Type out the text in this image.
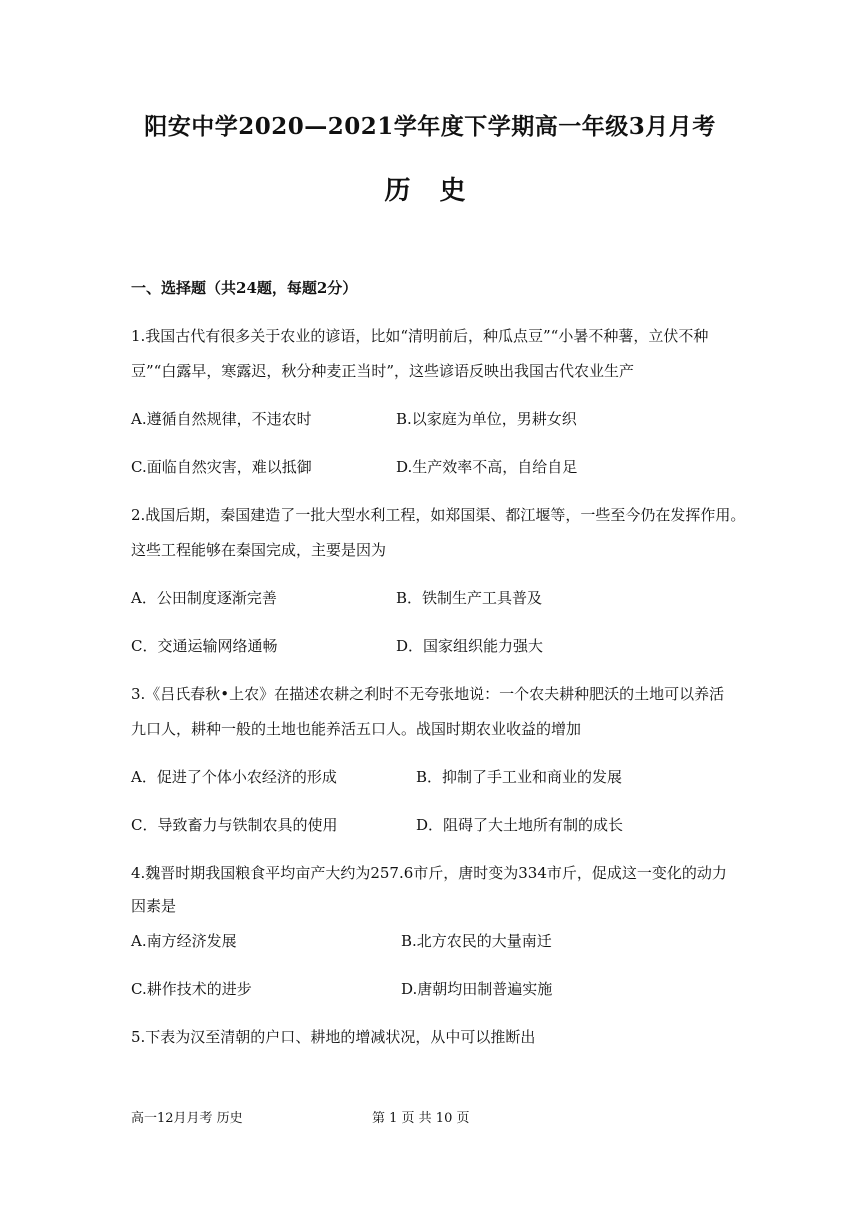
阳安中学2020—2021学年度下学期高一年级3月月考
历 史
一、选择题（共24题，每题2分）
1.我国古代有很多关于农业的谚语，比如“清明前后，种瓜点豆”“小暑不种薯，立伏不种
豆”“白露早，寒露迟，秋分种麦正当时”，这些谚语反映出我国古代农业生产
A.遵循自然规律，不违农时	B.以家庭为单位，男耕女织
C.面临自然灾害，难以抵御	D.生产效率不高，自给自足
2.战国后期，秦国建造了一批大型水利工程，如郑国渠、都江堰等，一些至今仍在发挥作用。
这些工程能够在秦国完成，主要是因为
A．公田制度逐渐完善	B．铁制生产工具普及
C．交通运输网络通畅	D．国家组织能力强大
3.《吕氏春秋•上农》在描述农耕之利时不无夸张地说：一个农夫耕种肥沃的土地可以养活
九口人，耕种一般的土地也能养活五口人。战国时期农业收益的增加
A．促进了个体小农经济的形成	B．抑制了手工业和商业的发展
C．导致畜力与铁制农具的使用	D．阻碍了大土地所有制的成长
4.魏晋时期我国粮食平均亩产大约为257.6市斤，唐时变为334市斤，促成这一变化的动力
因素是
A.南方经济发展	B.北方农民的大量南迁
C.耕作技术的进步	D.唐朝均田制普遍实施
5.下表为汉至清朝的户口、耕地的增减状况，从中可以推断出
高一12月月考 历史	第 1 页 共 10 页
